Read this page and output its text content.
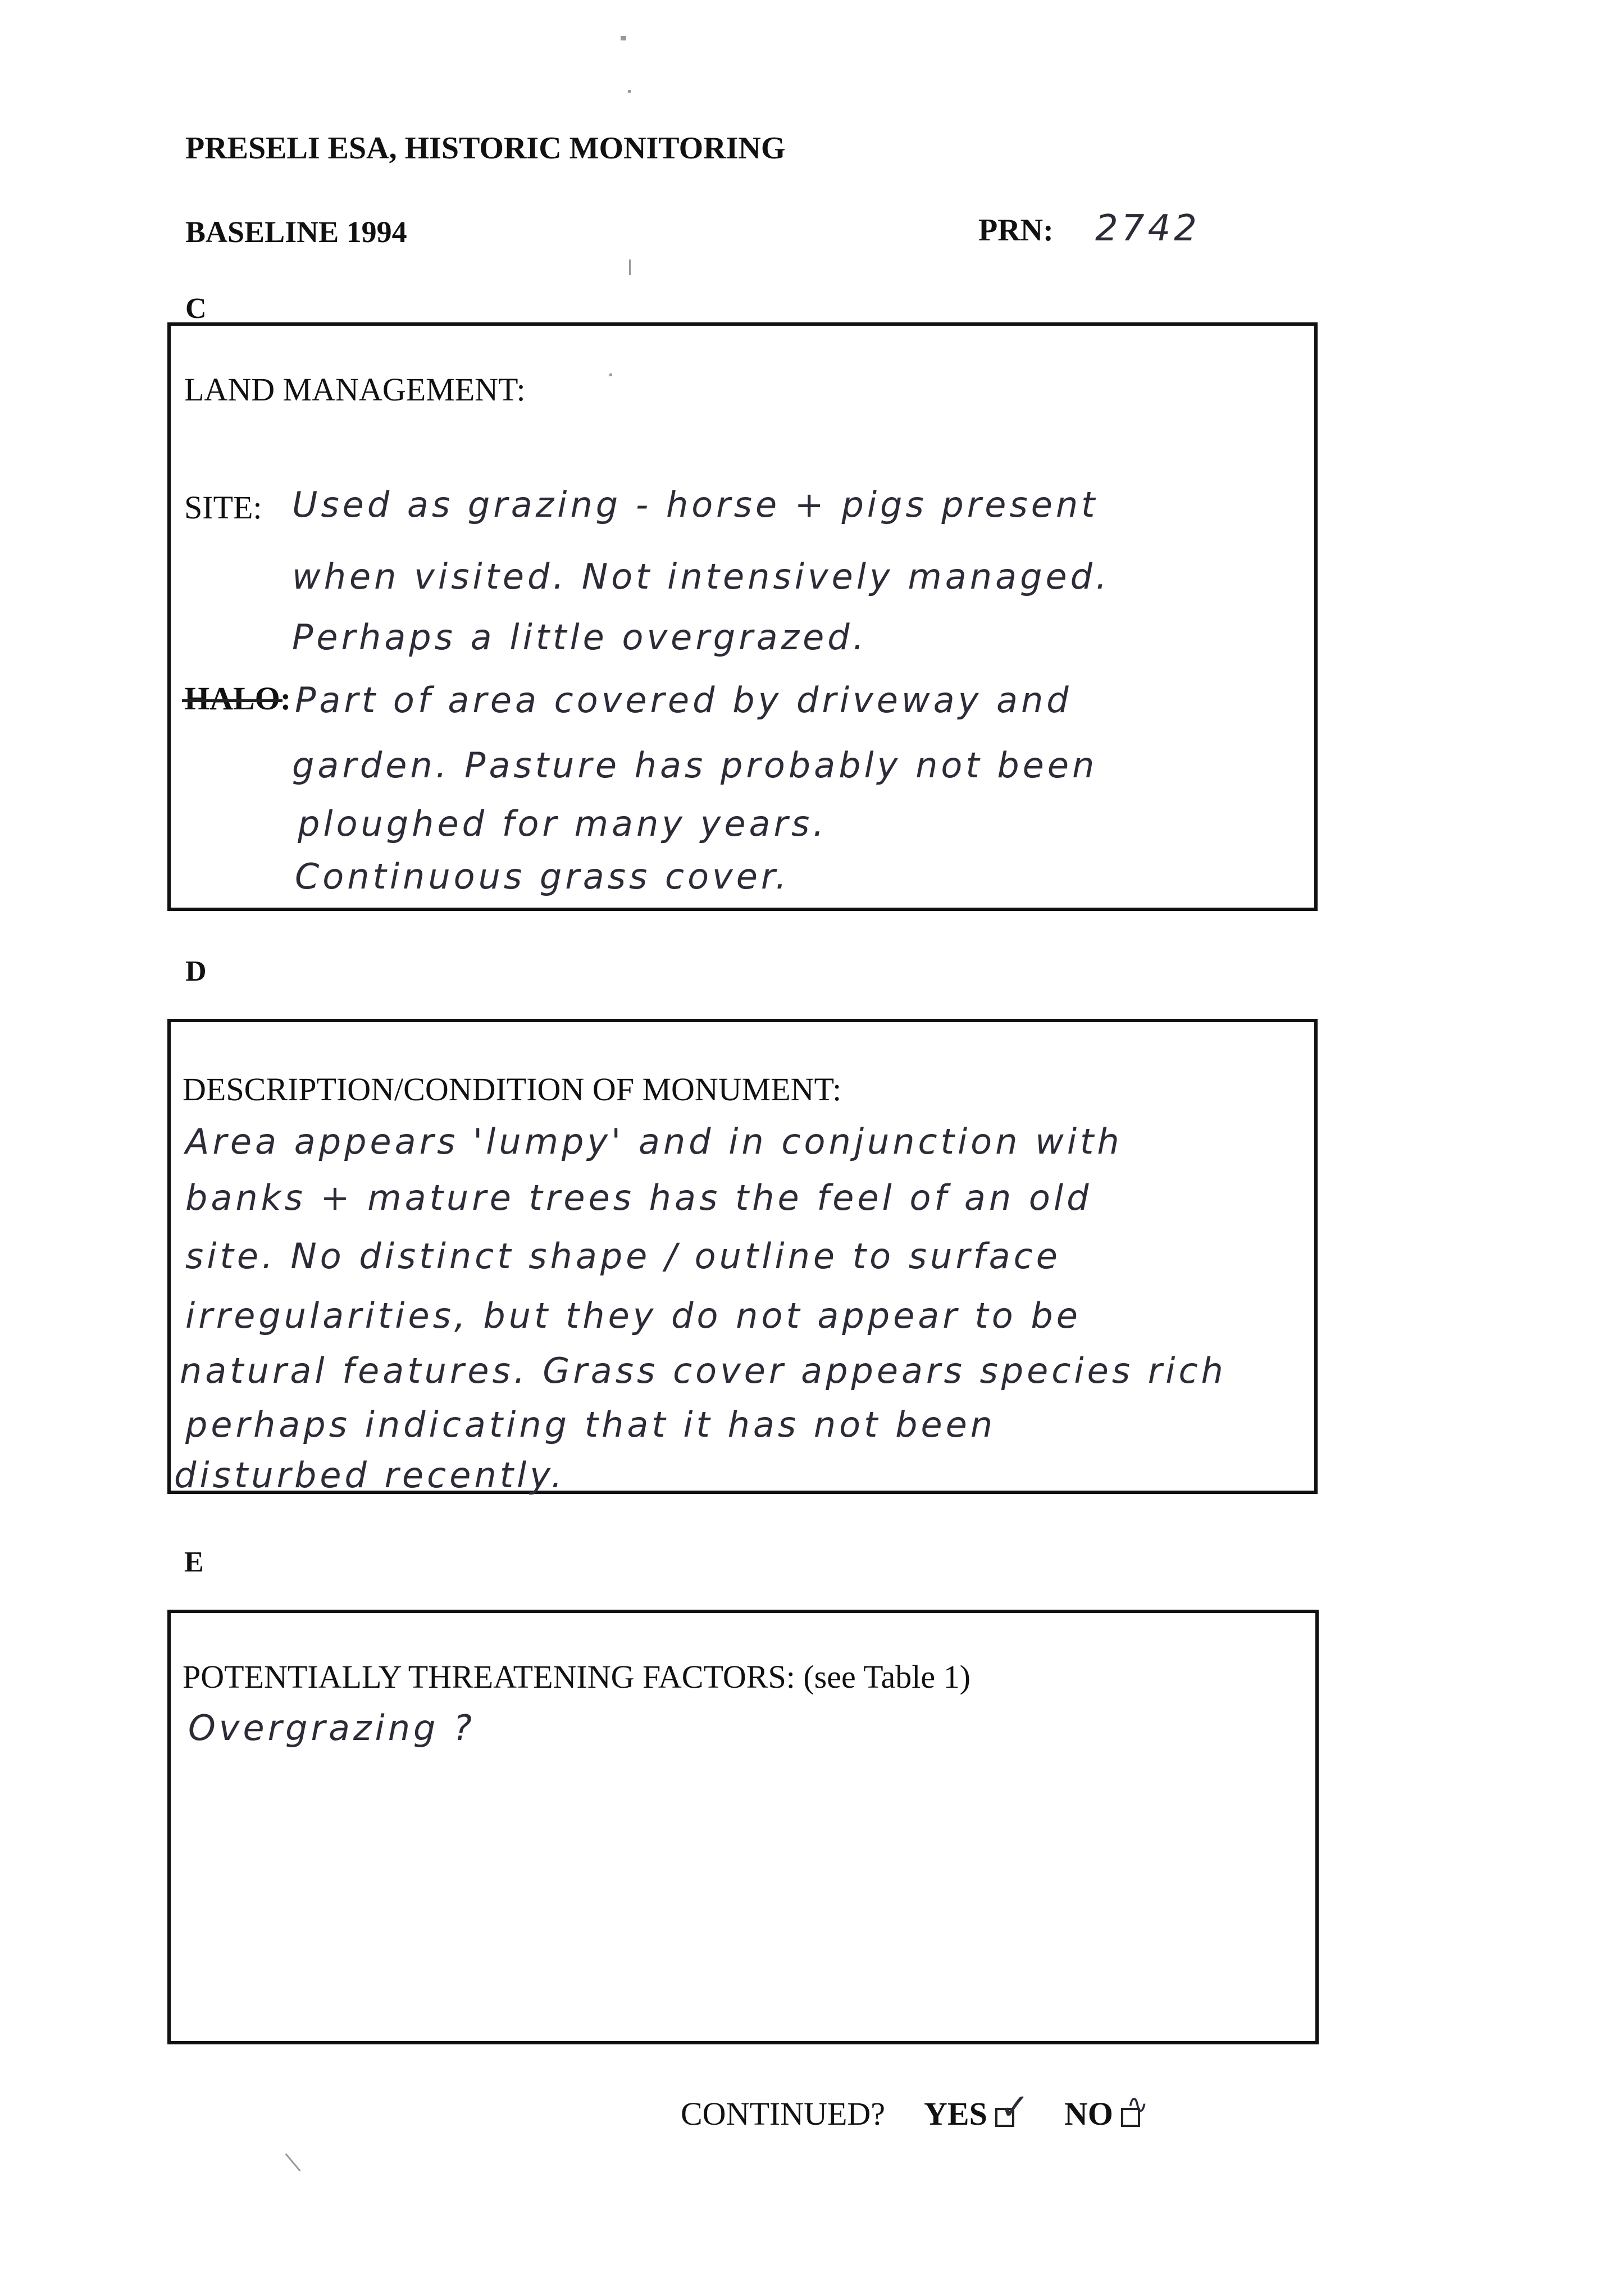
PRESELI ESA, HISTORIC MONITORING
BASELINE 1994	PRN: 2742
C
LAND MANAGEMENT:
SITE: Used as grazing - horse + pigs present
when visited. Not intensively managed.
Perhaps a little overgrazed.
HALO: Part of area covered by driveway and
garden. Pasture has probably not been
ploughed for many years.
Continuous grass cover.
D
DESCRIPTION/CONDITION OF MONUMENT:
Area appears 'lumpy' and in conjunction with
banks + mature trees has the feel of an old
site. No distinct shape / outline to surface
irregularities, but they do not appear to be
natural features. Grass cover appears species rich
perhaps indicating that it has not been
disturbed recently.
E
POTENTIALLY THREATENING FACTORS: (see Table 1)
Overgrazing ?
CONTINUED? YES ✓ NO ∿
